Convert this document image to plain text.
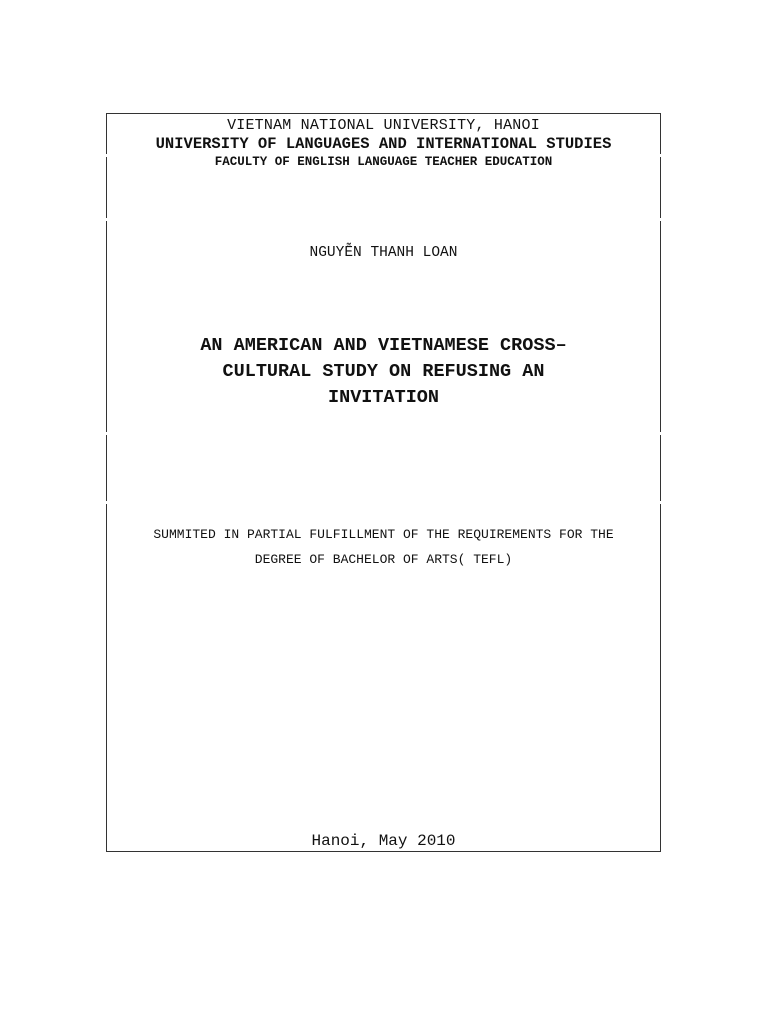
VIETNAM NATIONAL UNIVERSITY, HANOI
UNIVERSITY OF LANGUAGES AND INTERNATIONAL STUDIES
FACULTY OF ENGLISH LANGUAGE TEACHER EDUCATION
NGUYỄN THANH LOAN
AN AMERICAN AND VIETNAMESE CROSS–
CULTURAL STUDY ON REFUSING AN
INVITATION
SUMMITED IN PARTIAL FULFILLMENT OF THE REQUIREMENTS FOR THE
DEGREE OF BACHELOR OF ARTS( TEFL)
Hanoi, May 2010
